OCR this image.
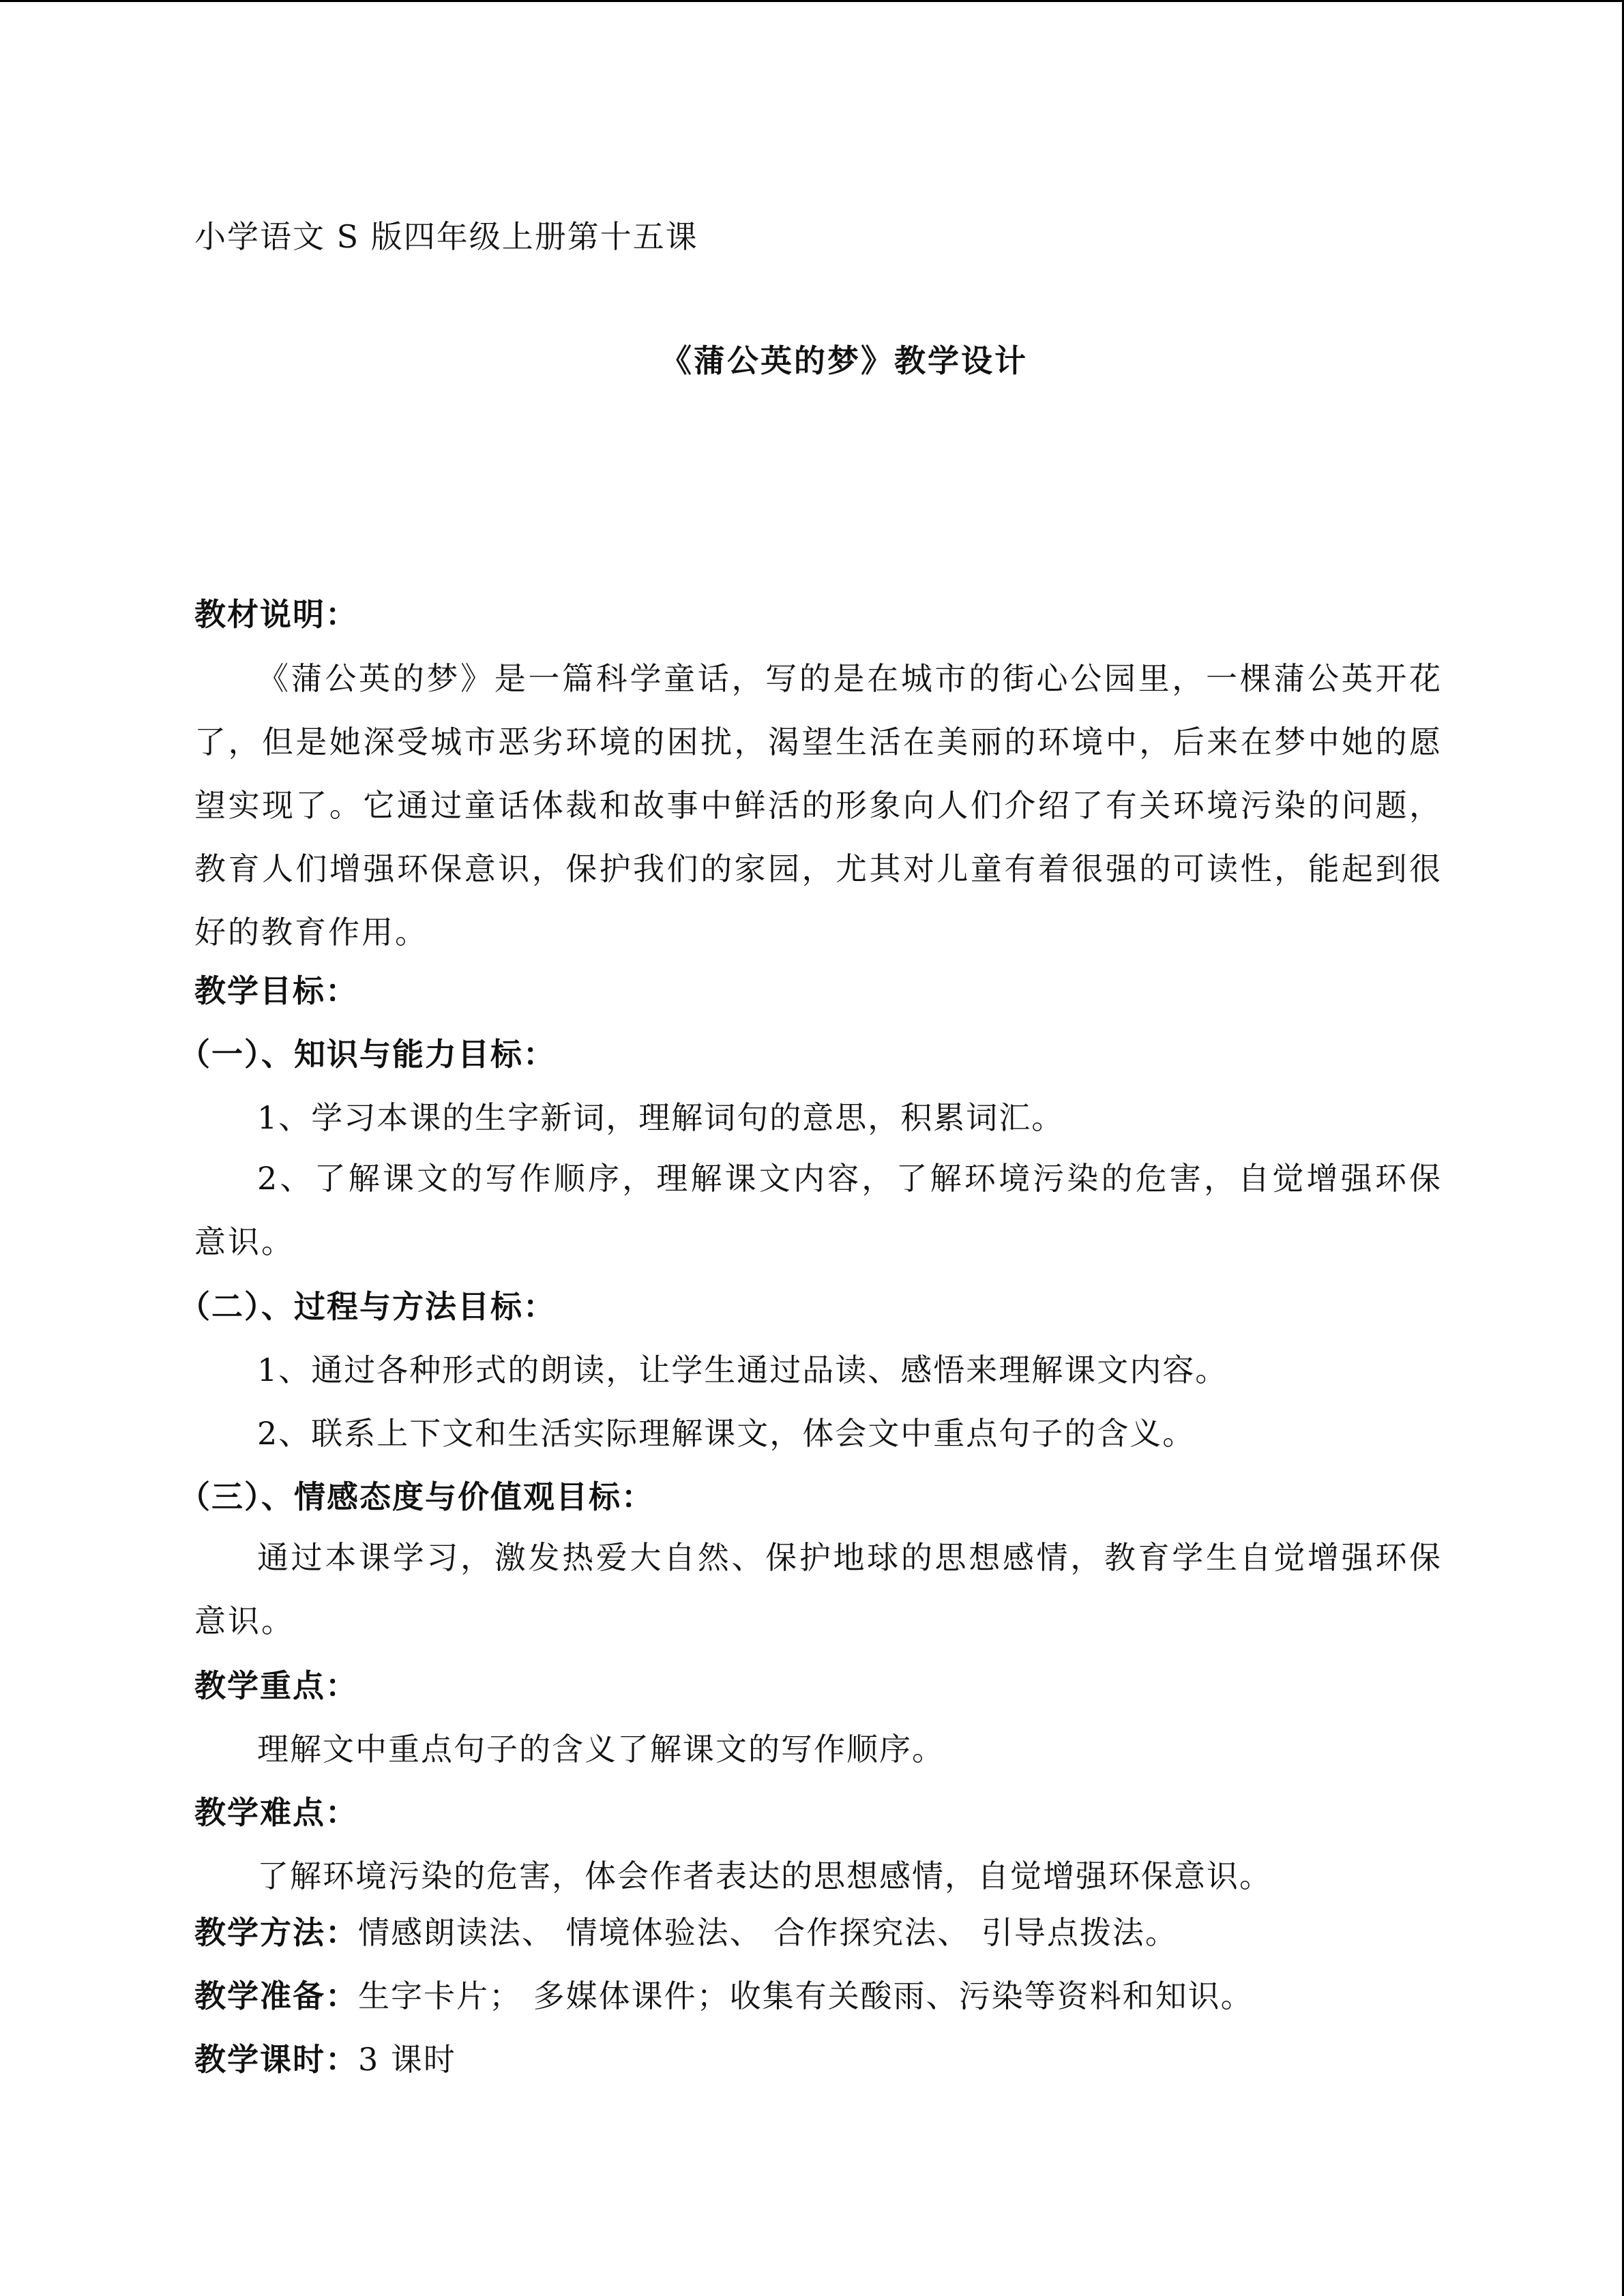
小学语文 S 版四年级上册第十五课
《蒲公英的梦》教学设计
教材说明：
《蒲公英的梦》是一篇科学童话，写的是在城市的街心公园里，一棵蒲公英开花了，但是她深受城市恶劣环境的困扰，渴望生活在美丽的环境中，后来在梦中她的愿望实现了。它通过童话体裁和故事中鲜活的形象向人们介绍了有关环境污染的问题，教育人们增强环保意识，保护我们的家园，尤其对儿童有着很强的可读性，能起到很好的教育作用。
教学目标：
（一）、知识与能力目标：
1、学习本课的生字新词，理解词句的意思，积累词汇。
2、了解课文的写作顺序，理解课文内容，了解环境污染的危害，自觉增强环保意识。
（二）、过程与方法目标：
1、通过各种形式的朗读，让学生通过品读、感悟来理解课文内容。
2、联系上下文和生活实际理解课文，体会文中重点句子的含义。
（三）、情感态度与价值观目标：
通过本课学习，激发热爱大自然、保护地球的思想感情，教育学生自觉增强环保意识。
教学重点：
理解文中重点句子的含义了解课文的写作顺序。
教学难点：
了解环境污染的危害，体会作者表达的思想感情，自觉增强环保意识。
教学方法：情感朗读法、 情境体验法、 合作探究法、 引导点拨法。
教学准备：生字卡片； 多媒体课件；收集有关酸雨、污染等资料和知识。
教学课时：3 课时
